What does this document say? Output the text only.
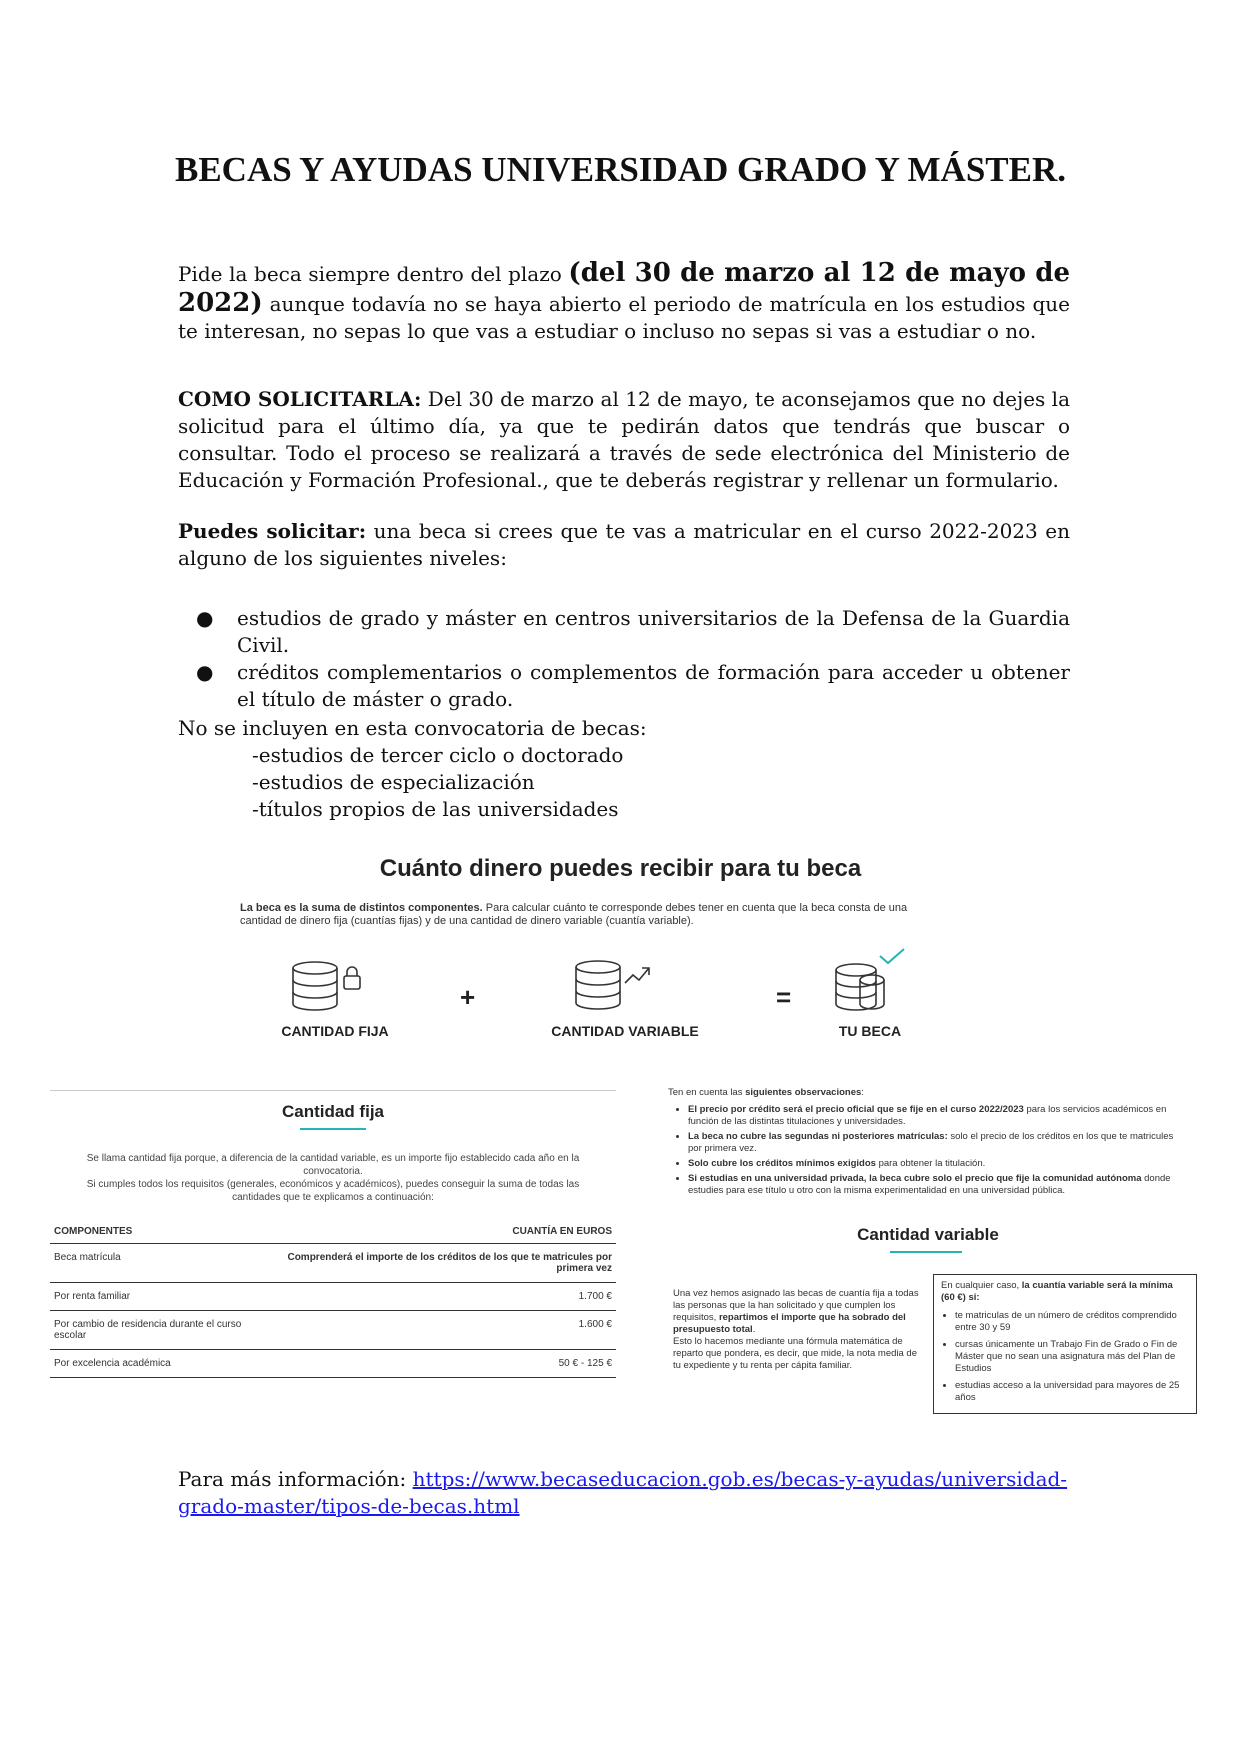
BECAS Y AYUDAS UNIVERSIDAD GRADO Y MÁSTER.

Pide la beca siempre dentro del plazo (del 30 de marzo al 12 de mayo de 2022) aunque todavía no se haya abierto el periodo de matrícula en los estudios que te interesan, no sepas lo que vas a estudiar o incluso no sepas si vas a estudiar o no.

COMO SOLICITARLA: Del 30 de marzo al 12 de mayo, te aconsejamos que no dejes la solicitud para el último día, ya que te pedirán datos que tendrás que buscar o consultar. Todo el proceso se realizará a través de sede electrónica del Ministerio de Educación y Formación Profesional., que te deberás registrar y rellenar un formulario.

Puedes solicitar: una beca si crees que te vas a matricular en el curso 2022-2023 en alguno de los siguientes niveles:

● estudios de grado y máster en centros universitarios de la Defensa de la Guardia Civil.
● créditos complementarios o complementos de formación para acceder u obtener el título de máster o grado.
No se incluyen en esta convocatoria de becas:
-estudios de tercer ciclo o doctorado
-estudios de especialización
-títulos propios de las universidades
Cuánto dinero puedes recibir para tu beca
La beca es la suma de distintos componentes. Para calcular cuánto te corresponde debes tener en cuenta que la beca consta de una cantidad de dinero fija (cuantías fijas) y de una cantidad de dinero variable (cuantía variable).
CANTIDAD FIJA
+
CANTIDAD VARIABLE
=
TU BECA
Cantidad fija
Se llama cantidad fija porque, a diferencia de la cantidad variable, es un importe fijo establecido cada año en la convocatoria.
Si cumples todos los requisitos (generales, económicos y académicos), puedes conseguir la suma de todas las cantidades que te explicamos a continuación:
COMPONENTES	CUANTÍA EN EUROS
Beca matrícula	Comprenderá el importe de los créditos de los que te matricules por primera vez
Por renta familiar	1.700 €
Por cambio de residencia durante el curso escolar	1.600 €
Por excelencia académica	50 € - 125 €
Ten en cuenta las siguientes observaciones:
• El precio por crédito será el precio oficial que se fije en el curso 2022/2023 para los servicios académicos en función de las distintas titulaciones y universidades.
• La beca no cubre las segundas ni posteriores matrículas: solo el precio de los créditos en los que te matricules por primera vez.
• Solo cubre los créditos mínimos exigidos para obtener la titulación.
• Si estudias en una universidad privada, la beca cubre solo el precio que fije la comunidad autónoma donde estudies para ese título u otro con la misma experimentalidad en una universidad pública.
Cantidad variable
Una vez hemos asignado las becas de cuantía fija a todas las personas que la han solicitado y que cumplen los requisitos, repartimos el importe que ha sobrado del presupuesto total.
Esto lo hacemos mediante una fórmula matemática de reparto que pondera, es decir, que mide, la nota media de tu expediente y tu renta per cápita familiar.
En cualquier caso, la cuantía variable será la mínima (60 €) si:
• te matriculas de un número de créditos comprendido entre 30 y 59
• cursas únicamente un Trabajo Fin de Grado o Fin de Máster que no sean una asignatura más del Plan de Estudios
• estudias acceso a la universidad para mayores de 25 años
Para más información: https://www.becaseducacion.gob.es/becas-y-ayudas/universidad-grado-master/tipos-de-becas.html
